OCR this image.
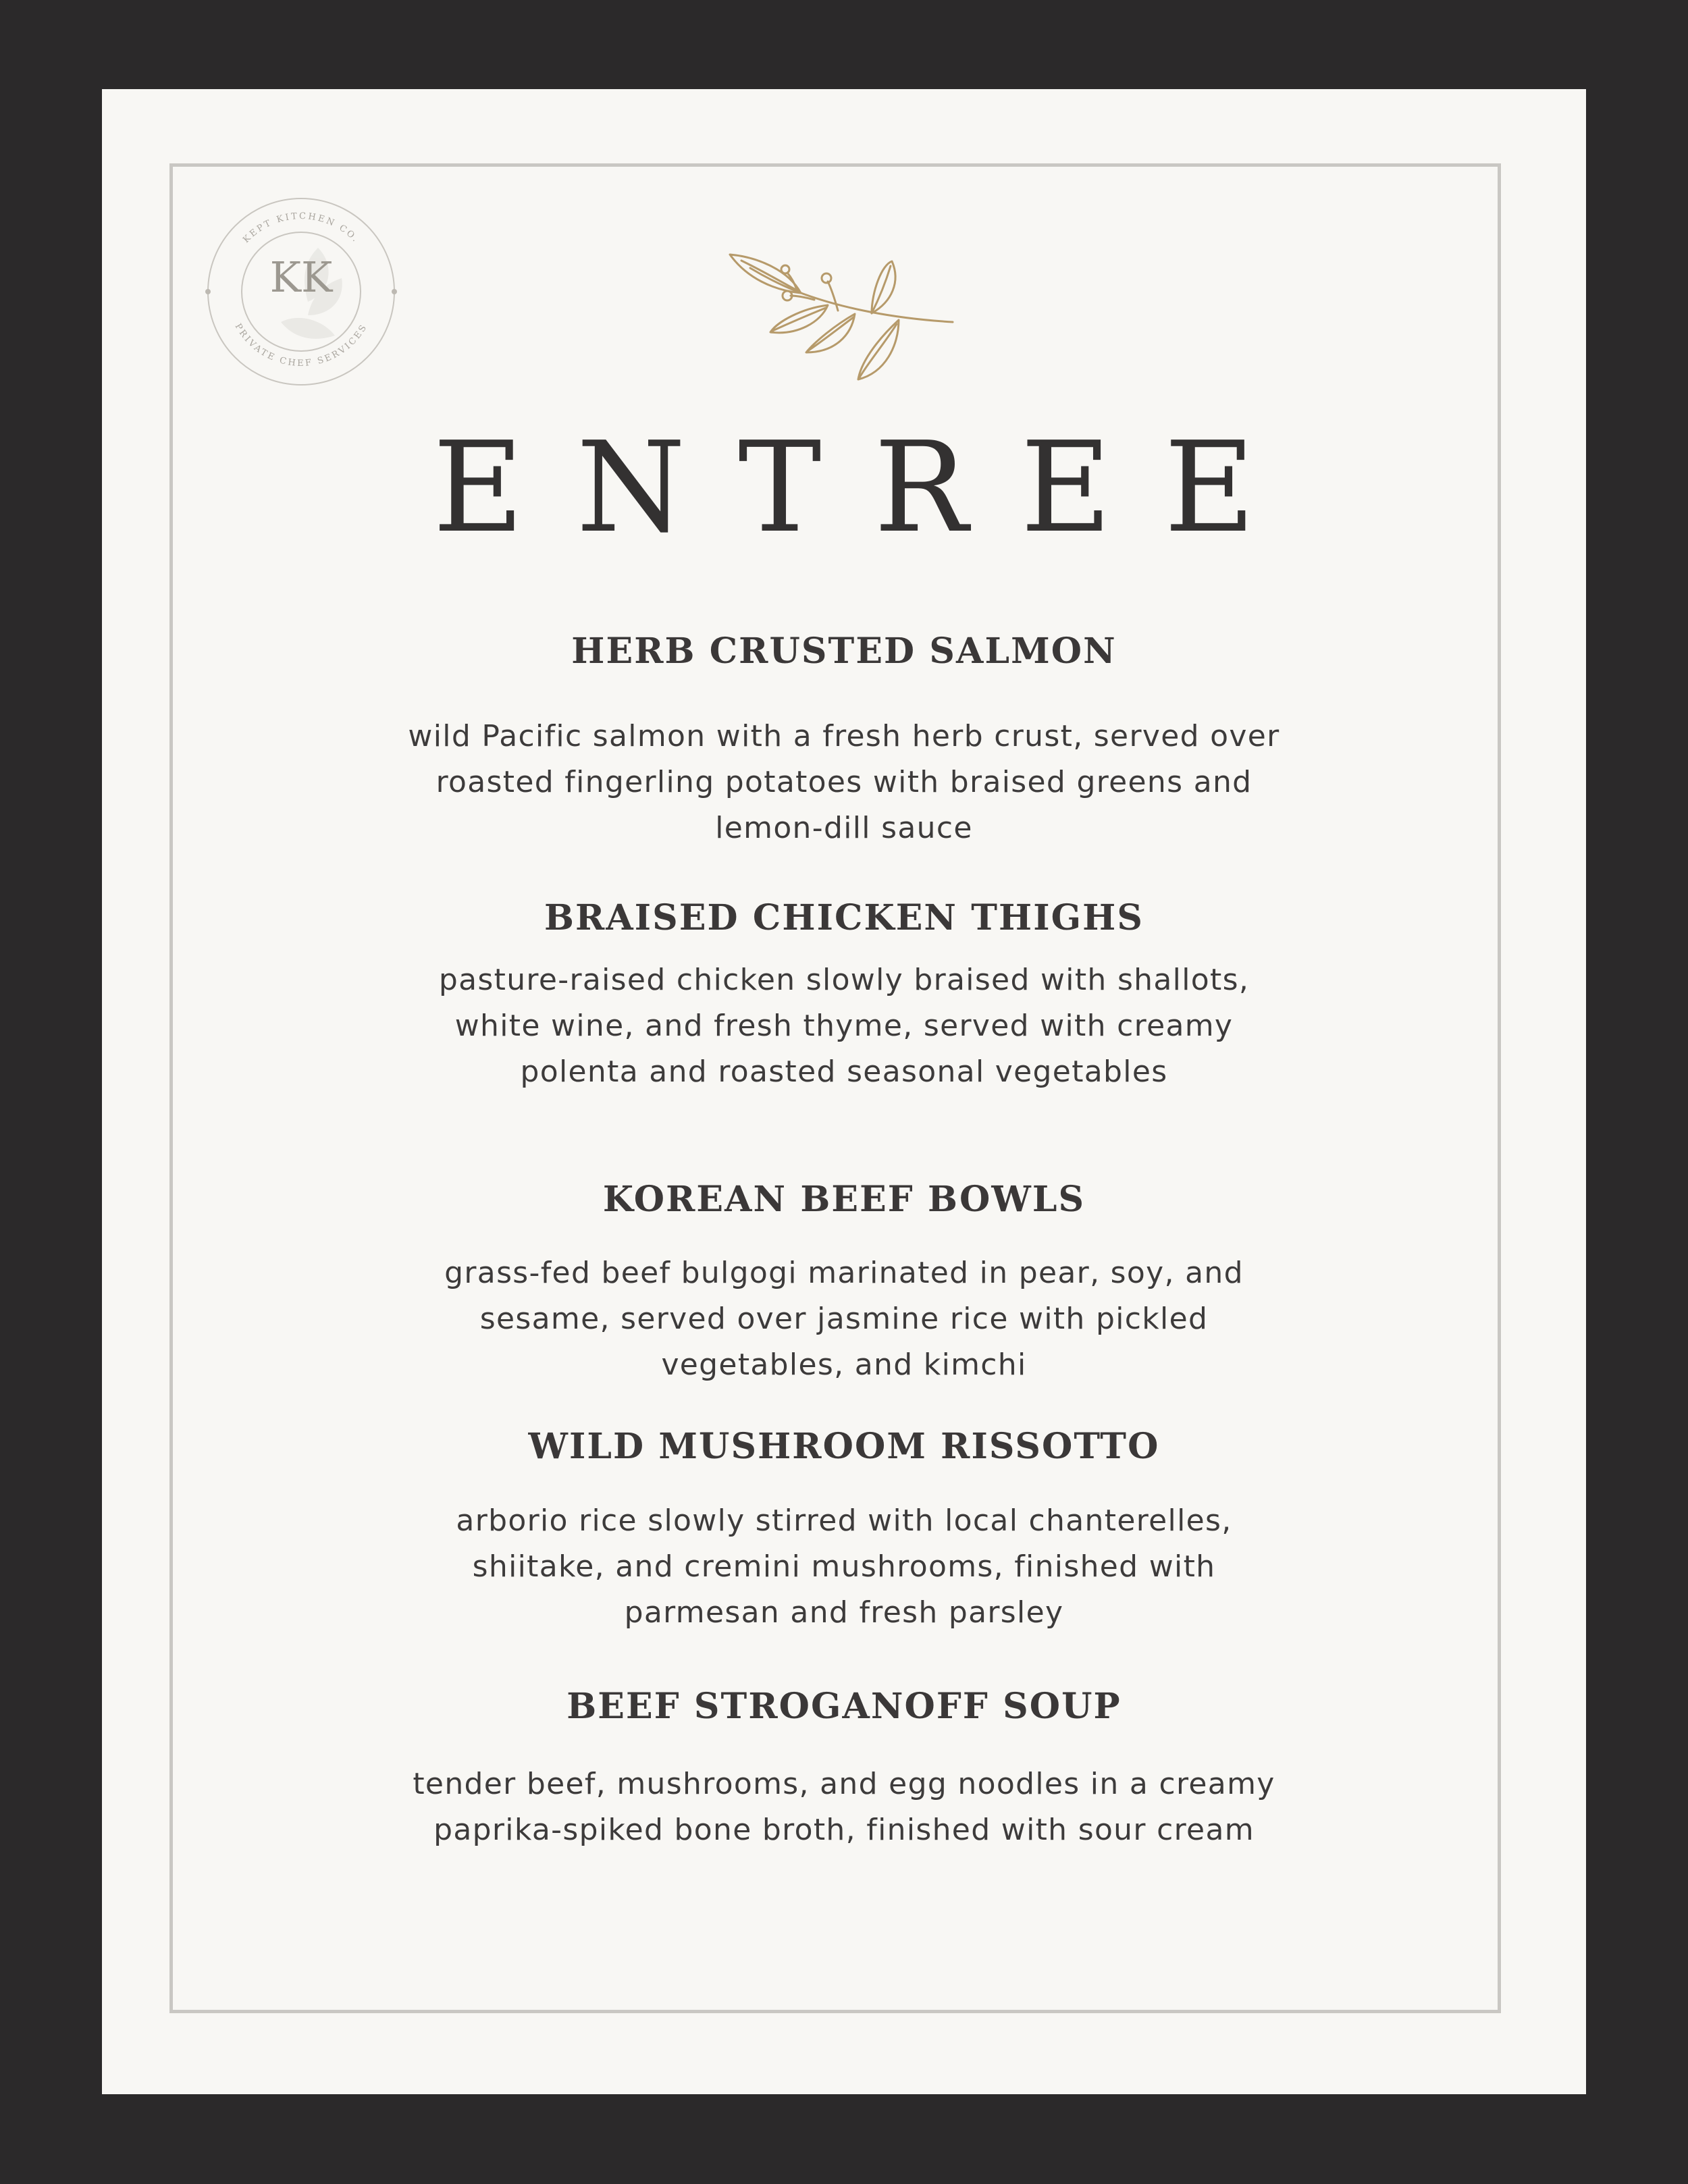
KK
KEPT KITCHEN CO.
PRIVATE CHEF SERVICES
ENTREE
HERB CRUSTED SALMON

wild Pacific salmon with a fresh herb crust, served over
roasted fingerling potatoes with braised greens and
lemon-dill sauce

BRAISED CHICKEN THIGHS

pasture-raised chicken slowly braised with shallots,
white wine, and fresh thyme, served with creamy
polenta and roasted seasonal vegetables

KOREAN BEEF BOWLS

grass-fed beef bulgogi marinated in pear, soy, and
sesame, served over jasmine rice with pickled
vegetables, and kimchi

WILD MUSHROOM RISSOTTO

arborio rice slowly stirred with local chanterelles,
shiitake, and cremini mushrooms, finished with
parmesan and fresh parsley

BEEF STROGANOFF SOUP

tender beef, mushrooms, and egg noodles in a creamy
paprika-spiked bone broth, finished with sour cream
